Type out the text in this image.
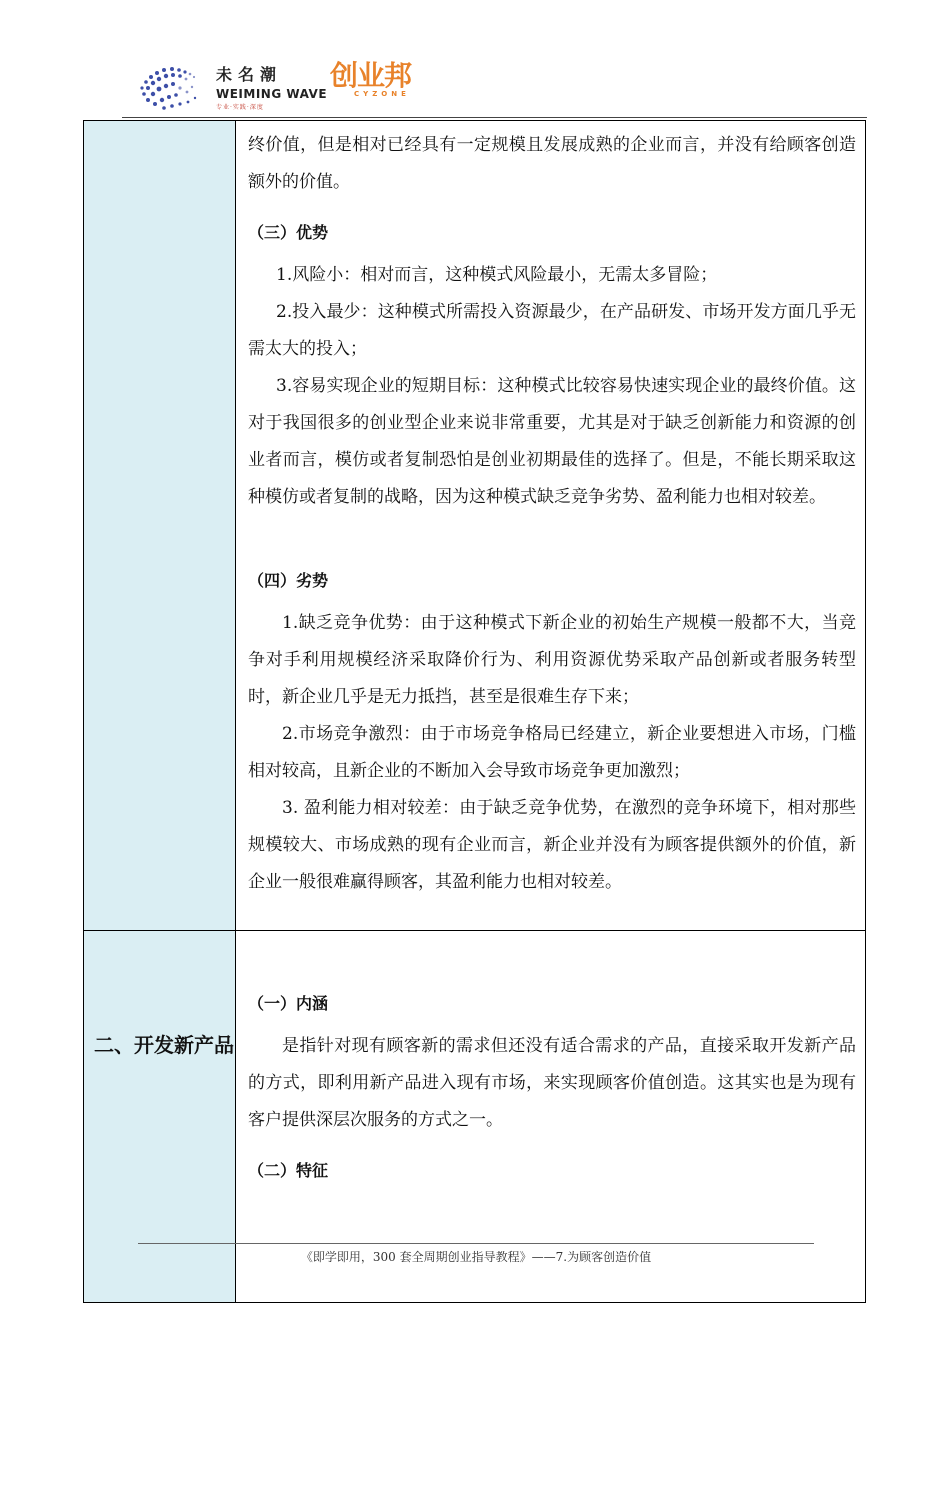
未名潮
WEIMING WAVE
专业·实践·深度
创业邦
CYZONE
终价值，但是相对已经具有一定规模且发展成熟的企业而言，并没有给顾客创造额外的价值。
（三）优势
1.风险小：相对而言，这种模式风险最小，无需太多冒险；
2.投入最少：这种模式所需投入资源最少，在产品研发、市场开发方面几乎无需太大的投入；
3.容易实现企业的短期目标：这种模式比较容易快速实现企业的最终价值。这对于我国很多的创业型企业来说非常重要，尤其是对于缺乏创新能力和资源的创业者而言，模仿或者复制恐怕是创业初期最佳的选择了。但是，不能长期采取这种模仿或者复制的战略，因为这种模式缺乏竞争劣势、盈利能力也相对较差。
（四）劣势
1.缺乏竞争优势：由于这种模式下新企业的初始生产规模一般都不大，当竞争对手利用规模经济采取降价行为、利用资源优势采取产品创新或者服务转型时，新企业几乎是无力抵挡，甚至是很难生存下来；
2.市场竞争激烈：由于市场竞争格局已经建立，新企业要想进入市场，门槛相对较高，且新企业的不断加入会导致市场竞争更加激烈；
3. 盈利能力相对较差：由于缺乏竞争优势，在激烈的竞争环境下，相对那些规模较大、市场成熟的现有企业而言，新企业并没有为顾客提供额外的价值，新企业一般很难赢得顾客，其盈利能力也相对较差。
二、开发新产品
（一）内涵
是指针对现有顾客新的需求但还没有适合需求的产品，直接采取开发新产品的方式，即利用新产品进入现有市场，来实现顾客价值创造。这其实也是为现有客户提供深层次服务的方式之一。
（二）特征
《即学即用，300 套全周期创业指导教程》——7.为顾客创造价值
